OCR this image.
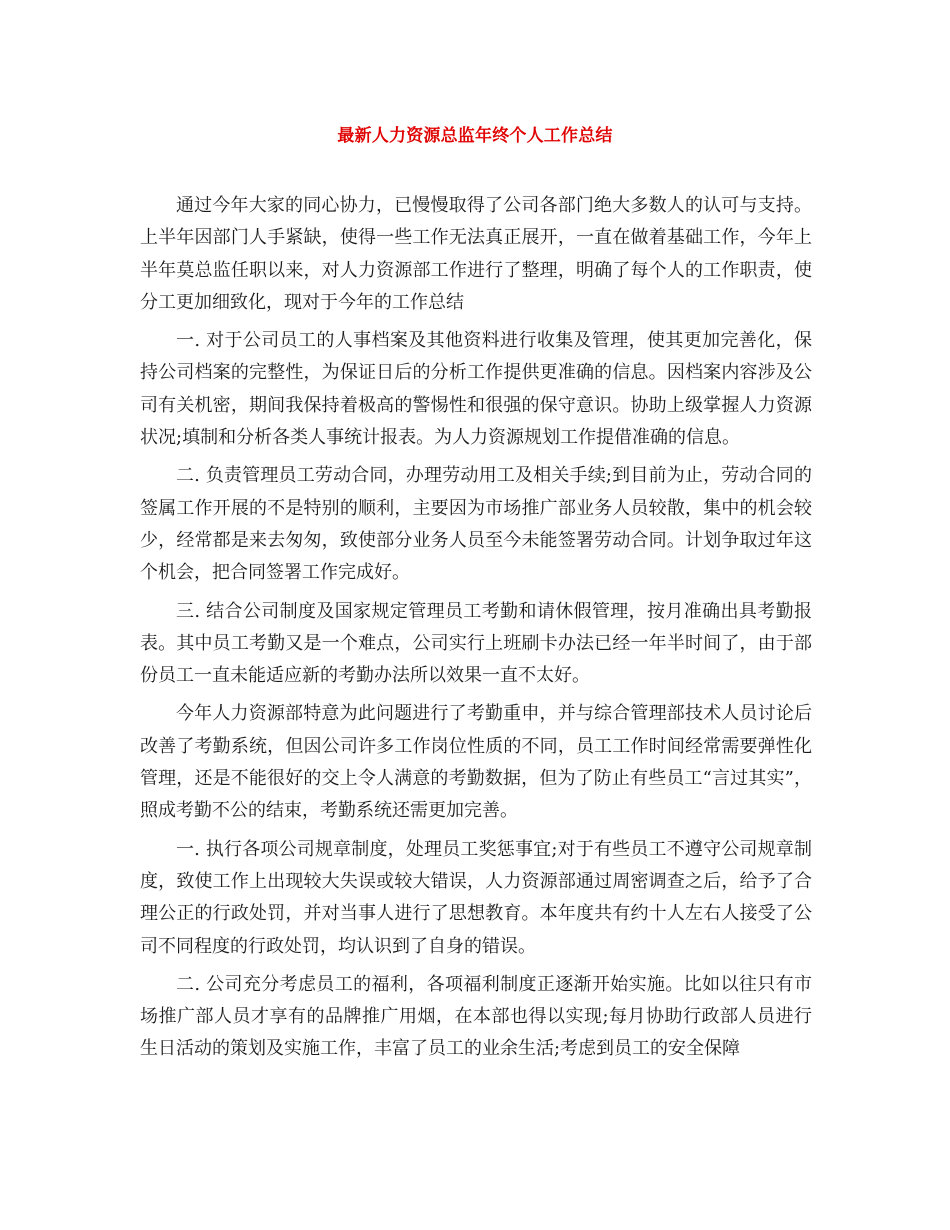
最新人力资源总监年终个人工作总结

通过今年大家的同心协力，已慢慢取得了公司各部门绝大多数人的认可与支持。上半年因部门人手紧缺，使得一些工作无法真正展开，一直在做着基础工作，今年上半年莫总监任职以来，对人力资源部工作进行了整理，明确了每个人的工作职责，使分工更加细致化，现对于今年的工作总结

一. 对于公司员工的人事档案及其他资料进行收集及管理，使其更加完善化，保持公司档案的完整性，为保证日后的分析工作提供更准确的信息。因档案内容涉及公司有关机密，期间我保持着极高的警惕性和很强的保守意识。协助上级掌握人力资源状况;填制和分析各类人事统计报表。为人力资源规划工作提借准确的信息。

二. 负责管理员工劳动合同，办理劳动用工及相关手续;到目前为止，劳动合同的签属工作开展的不是特别的顺利，主要因为市场推广部业务人员较散，集中的机会较少，经常都是来去匆匆，致使部分业务人员至今未能签署劳动合同。计划争取过年这个机会，把合同签署工作完成好。

三. 结合公司制度及国家规定管理员工考勤和请休假管理，按月准确出具考勤报表。其中员工考勤又是一个难点，公司实行上班刷卡办法已经一年半时间了，由于部份员工一直未能适应新的考勤办法所以效果一直不太好。

今年人力资源部特意为此问题进行了考勤重申，并与综合管理部技术人员讨论后改善了考勤系统，但因公司许多工作岗位性质的不同，员工工作时间经常需要弹性化管理，还是不能很好的交上令人满意的考勤数据，但为了防止有些员工“言过其实”，照成考勤不公的结束，考勤系统还需更加完善。

一. 执行各项公司规章制度，处理员工奖惩事宜;对于有些员工不遵守公司规章制度，致使工作上出现较大失误或较大错误，人力资源部通过周密调查之后，给予了合理公正的行政处罚，并对当事人进行了思想教育。本年度共有约十人左右人接受了公司不同程度的行政处罚，均认识到了自身的错误。

二. 公司充分考虑员工的福利，各项福利制度正逐渐开始实施。比如以往只有市场推广部人员才享有的品牌推广用烟，在本部也得以实现;每月协助行政部人员进行生日活动的策划及实施工作，丰富了员工的业余生活;考虑到员工的安全保障
